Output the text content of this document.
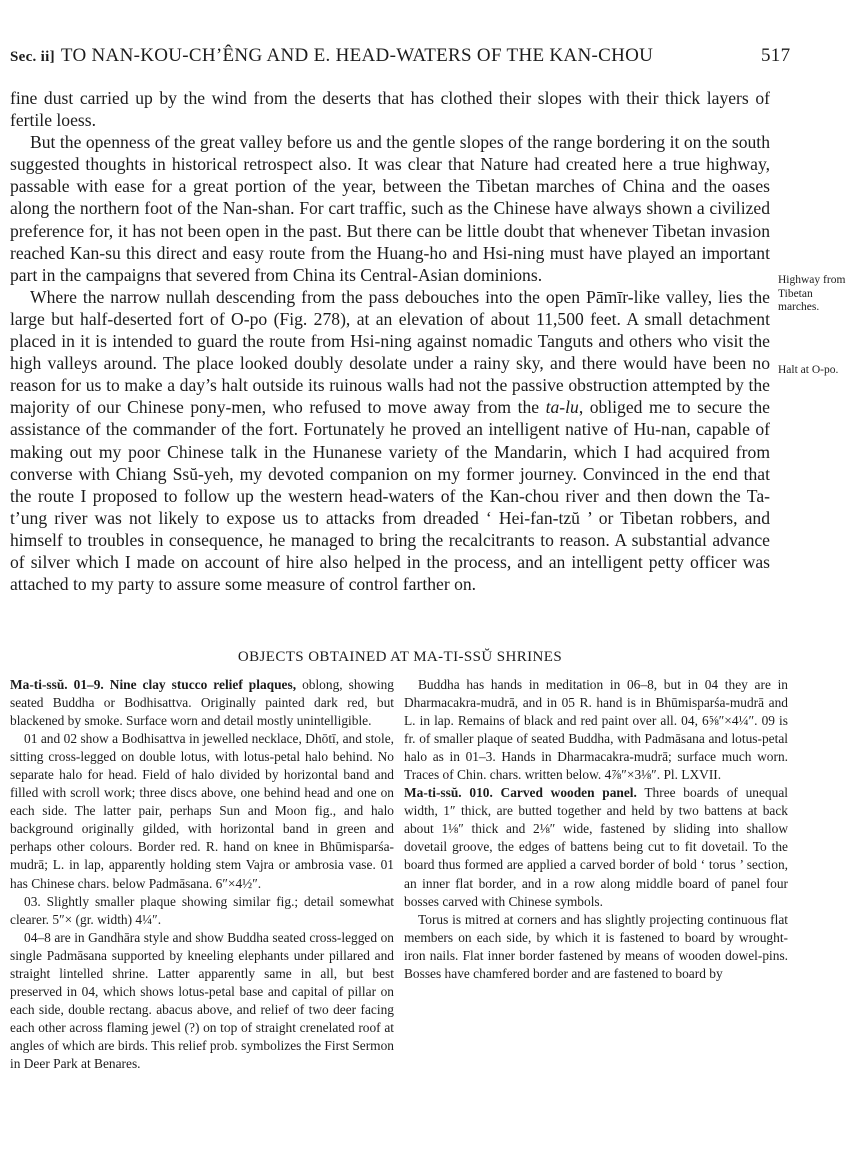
Sec. ii] TO NAN-KOU-CH’ÊNG AND E. HEAD-WATERS OF THE KAN-CHOU	517

fine dust carried up by the wind from the deserts that has clothed their slopes with their thick layers of fertile loess.

But the openness of the great valley before us and the gentle slopes of the range bordering it on the south suggested thoughts in historical retrospect also. It was clear that Nature had created here a true highway, passable with ease for a great portion of the year, between the Tibetan marches of China and the oases along the northern foot of the Nan-shan. For cart traffic, such as the Chinese have always shown a civilized preference for, it has not been open in the past. But there can be little doubt that whenever Tibetan invasion reached Kan-su this direct and easy route from the Huang-ho and Hsi-ning must have played an important part in the campaigns that severed from China its Central-Asian dominions.

Where the narrow nullah descending from the pass debouches into the open Pāmīr-like valley, lies the large but half-deserted fort of O-po (Fig. 278), at an elevation of about 11,500 feet. A small detachment placed in it is intended to guard the route from Hsi-ning against nomadic Tanguts and others who visit the high valleys around. The place looked doubly desolate under a rainy sky, and there would have been no reason for us to make a day’s halt outside its ruinous walls had not the passive obstruction attempted by the majority of our Chinese pony-men, who refused to move away from the ta-lu, obliged me to secure the assistance of the commander of the fort. Fortunately he proved an intelligent native of Hu-nan, capable of making out my poor Chinese talk in the Hunanese variety of the Mandarin, which I had acquired from converse with Chiang Ssŭ-yeh, my devoted companion on my former journey. Convinced in the end that the route I proposed to follow up the western head-waters of the Kan-chou river and then down the Ta-t’ung river was not likely to expose us to attacks from dreaded ‘ Hei-fan-tzŭ ’ or Tibetan robbers, and himself to troubles in consequence, he managed to bring the recalcitrants to reason. A substantial advance of silver which I made on account of hire also helped in the process, and an intelligent petty officer was attached to my party to assure some measure of control farther on.

Highway from Tibetan marches.
Halt at O-po.
OBJECTS OBTAINED AT MA-TI-SSŬ SHRINES

Ma-ti-ssŭ. 01–9. Nine clay stucco relief plaques, oblong, showing seated Buddha or Bodhisattva. Originally painted dark red, but blackened by smoke. Surface worn and detail mostly unintelligible.

01 and 02 show a Bodhisattva in jewelled necklace, Dhōtī, and stole, sitting cross-legged on double lotus, with lotus-petal halo behind. No separate halo for head. Field of halo divided by horizontal band and filled with scroll work; three discs above, one behind head and one on each side. The latter pair, perhaps Sun and Moon fig., and halo background originally gilded, with horizontal band in green and perhaps other colours. Border red. R. hand on knee in Bhūmisparśa-mudrā; L. in lap, apparently holding stem Vajra or ambrosia vase. 01 has Chinese chars. below Padmāsana. 6″×4½″.

03. Slightly smaller plaque showing similar fig.; detail somewhat clearer. 5″× (gr. width) 4¼″.

04–8 are in Gandhāra style and show Buddha seated cross-legged on single Padmāsana supported by kneeling elephants under pillared and straight lintelled shrine. Latter apparently same in all, but best preserved in 04, which shows lotus-petal base and capital of pillar on each side, double rectang. abacus above, and relief of two deer facing each other across flaming jewel (?) on top of straight crenelated roof at angles of which are birds. This relief prob. symbolizes the First Sermon in Deer Park at Benares.

Buddha has hands in meditation in 06–8, but in 04 they are in Dharmacakra-mudrā, and in 05 R. hand is in Bhūmisparśa-mudrā and L. in lap. Remains of black and red paint over all. 04, 6⅝″×4¼″. 09 is fr. of smaller plaque of seated Buddha, with Padmāsana and lotus-petal halo as in 01–3. Hands in Dharmacakra-mudrā; surface much worn. Traces of Chin. chars. written below. 4⅞″×3⅛″. Pl. LXVII.

Ma-ti-ssŭ. 010. Carved wooden panel. Three boards of unequal width, 1″ thick, are butted together and held by two battens at back about 1⅛″ thick and 2⅛″ wide, fastened by sliding into shallow dovetail groove, the edges of battens being cut to fit dovetail. To the board thus formed are applied a carved border of bold ‘ torus ’ section, an inner flat border, and in a row along middle board of panel four bosses carved with Chinese symbols.

Torus is mitred at corners and has slightly projecting continuous flat members on each side, by which it is fastened to board by wrought-iron nails. Flat inner border fastened by means of wooden dowel-pins. Bosses have chamfered border and are fastened to board by
